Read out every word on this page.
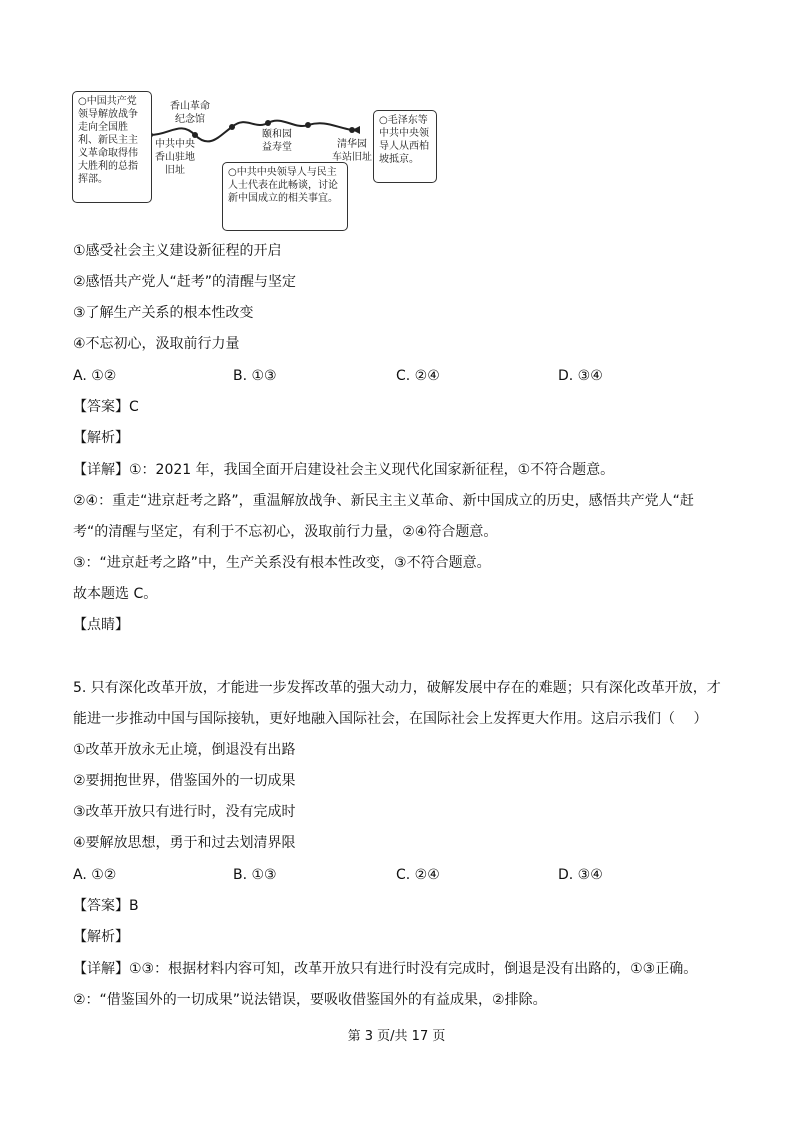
○中国共产党领导解放战争走向全国胜利、新民主主义革命取得伟大胜利的总指挥部。
○毛泽东等中共中央领导人从西柏坡抵京。
○中共中央领导人与民主人士代表在此畅谈，讨论新中国成立的相关事宜。
香山革命
纪念馆
中共中央
香山驻地
旧址
颐和园
益寿堂	清华园
车站旧址
①感受社会主义建设新征程的开启
②感悟共产党人“赶考”的清醒与坚定
③了解生产关系的根本性改变
④不忘初心，汲取前行力量
A. ①②	B. ①③	C. ②④	D. ③④
【答案】C
【解析】
【详解】①：2021 年，我国全面开启建设社会主义现代化国家新征程，①不符合题意。
②④：重走“进京赶考之路”，重温解放战争、新民主主义革命、新中国成立的历史，感悟共产党人“赶
考“的清醒与坚定，有利于不忘初心，汲取前行力量，②④符合题意。
③：“进京赶考之路”中，生产关系没有根本性改变，③不符合题意。
故本题选 C。
【点睛】
5. 只有深化改革开放，才能进一步发挥改革的强大动力，破解发展中存在的难题；只有深化改革开放，才
能进一步推动中国与国际接轨，更好地融入国际社会，在国际社会上发挥更大作用。这启示我们（　 ）
①改革开放永无止境，倒退没有出路
②要拥抱世界，借鉴国外的一切成果
③改革开放只有进行时，没有完成时
④要解放思想，勇于和过去划清界限
A. ①②	B. ①③	C. ②④	D. ③④
【答案】B
【解析】
【详解】①③：根据材料内容可知，改革开放只有进行时没有完成时，倒退是没有出路的，①③正确。
②：“借鉴国外的一切成果”说法错误，要吸收借鉴国外的有益成果，②排除。
第 3 页/共 17 页
